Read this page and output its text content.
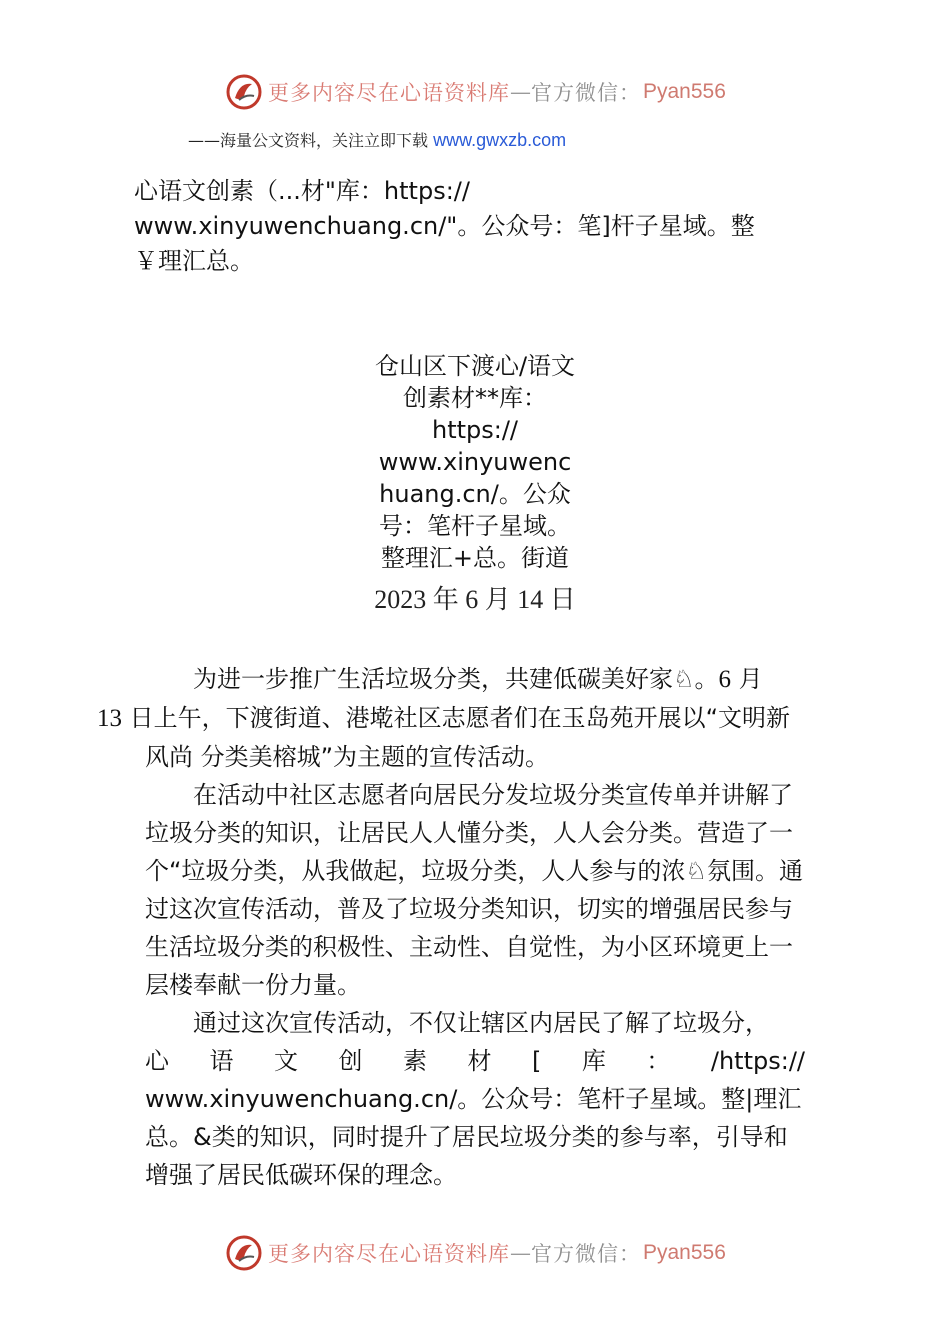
更多内容尽在心语资料库 — 官方微信： Pyan556
——海量公文资料，关注立即下载 www.gwxzb.com

心语文创素（...材"库：https://
www.xinyuwenchuang.cn/"。公众号：笔]杆子星域。整
￥理汇总。

仓山区下渡心/语文
创素材**库：
https://
www.xinyuwenc
huang.cn/。公众
号：笔杆子星域。
整理汇+总。街道

2023 年 6 月 14 日

为进一步推广生活垃圾分类，共建低碳美好家♘。6 月
13 日上午，下渡街道、港墘社区志愿者们在玉岛苑开展以“文明新风尚 分类美榕城”为主题的宣传活动。

在活动中社区志愿者向居民分发垃圾分类宣传单并讲解了垃圾分类的知识，让居民人人懂分类，人人会分类。营造了一个“垃圾分类，从我做起，垃圾分类，人人参与的浓♘氛围。通过这次宣传活动，普及了垃圾分类知识，切实的增强居民参与生活垃圾分类的积极性、主动性、自觉性，为小区环境更上一层楼奉献一份力量。

通过这次宣传活动，不仅让辖区内居民了解了垃圾分，

心 语 文 创 素 材 [ 库 ： /https://

www.xinyuwenchuang.cn/。公众号：笔杆子星域。整|理汇总。&类的知识，同时提升了居民垃圾分类的参与率，引导和增强了居民低碳环保的理念。

更多内容尽在心语资料库 — 官方微信： Pyan556
